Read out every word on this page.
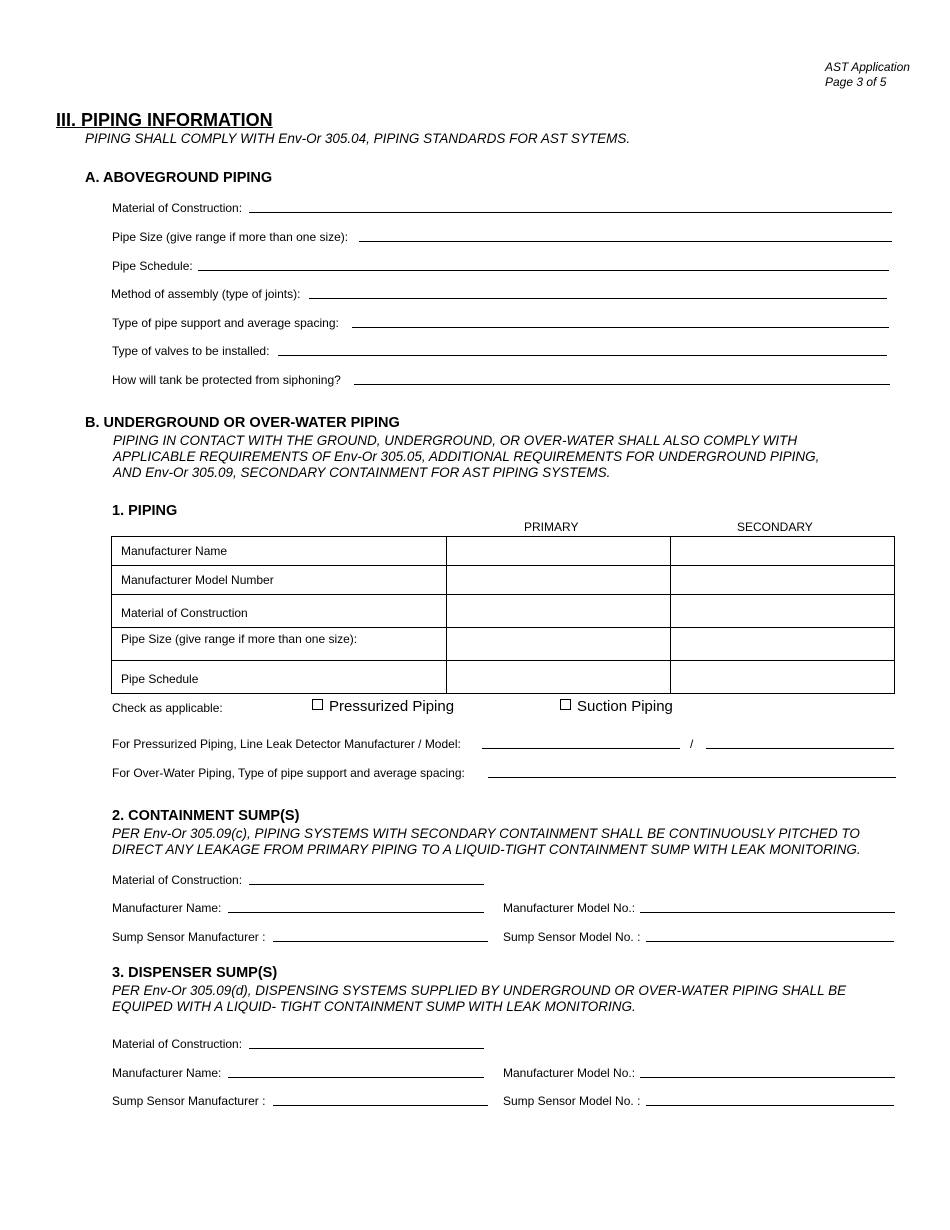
AST Application
Page 3 of 5
III. PIPING INFORMATION
PIPING SHALL COMPLY WITH Env-Or 305.04, PIPING STANDARDS FOR AST SYTEMS.
A. ABOVEGROUND PIPING
Material of Construction:
Pipe Size (give range if more than one size):
Pipe Schedule:
Method of assembly (type of joints):
Type of pipe support and average spacing:
Type of valves to be installed:
How will tank be protected from siphoning?
B. UNDERGROUND OR OVER-WATER PIPING
PIPING IN CONTACT WITH THE GROUND, UNDERGROUND, OR OVER-WATER SHALL ALSO COMPLY WITH
APPLICABLE REQUIREMENTS OF Env-Or 305.05, ADDITIONAL REQUIREMENTS FOR UNDERGROUND PIPING,
AND Env-Or 305.09, SECONDARY CONTAINMENT FOR AST PIPING SYSTEMS.
1. PIPING
PRIMARY	SECONDARY
Manufacturer Name		
Manufacturer Model Number		
Material of Construction		
Pipe Size (give range if more than one size):		
Pipe Schedule		
Check as applicable:	Pressurized Piping	Suction Piping
For Pressurized Piping, Line Leak Detector Manufacturer / Model:	/
For Over-Water Piping, Type of pipe support and average spacing:
2. CONTAINMENT SUMP(S)
PER Env-Or 305.09(c), PIPING SYSTEMS WITH SECONDARY CONTAINMENT SHALL BE CONTINUOUSLY PITCHED TO
DIRECT ANY LEAKAGE FROM PRIMARY PIPING TO A LIQUID-TIGHT CONTAINMENT SUMP WITH LEAK MONITORING.
Material of Construction:
Manufacturer Name:	Manufacturer Model No.:
Sump Sensor Manufacturer :	Sump Sensor Model No. :
3. DISPENSER SUMP(S)
PER Env-Or 305.09(d), DISPENSING SYSTEMS SUPPLIED BY UNDERGROUND OR OVER-WATER PIPING SHALL BE
EQUIPED WITH A LIQUID- TIGHT CONTAINMENT SUMP WITH LEAK MONITORING.
Material of Construction:
Manufacturer Name:	Manufacturer Model No.:
Sump Sensor Manufacturer :	Sump Sensor Model No. :
